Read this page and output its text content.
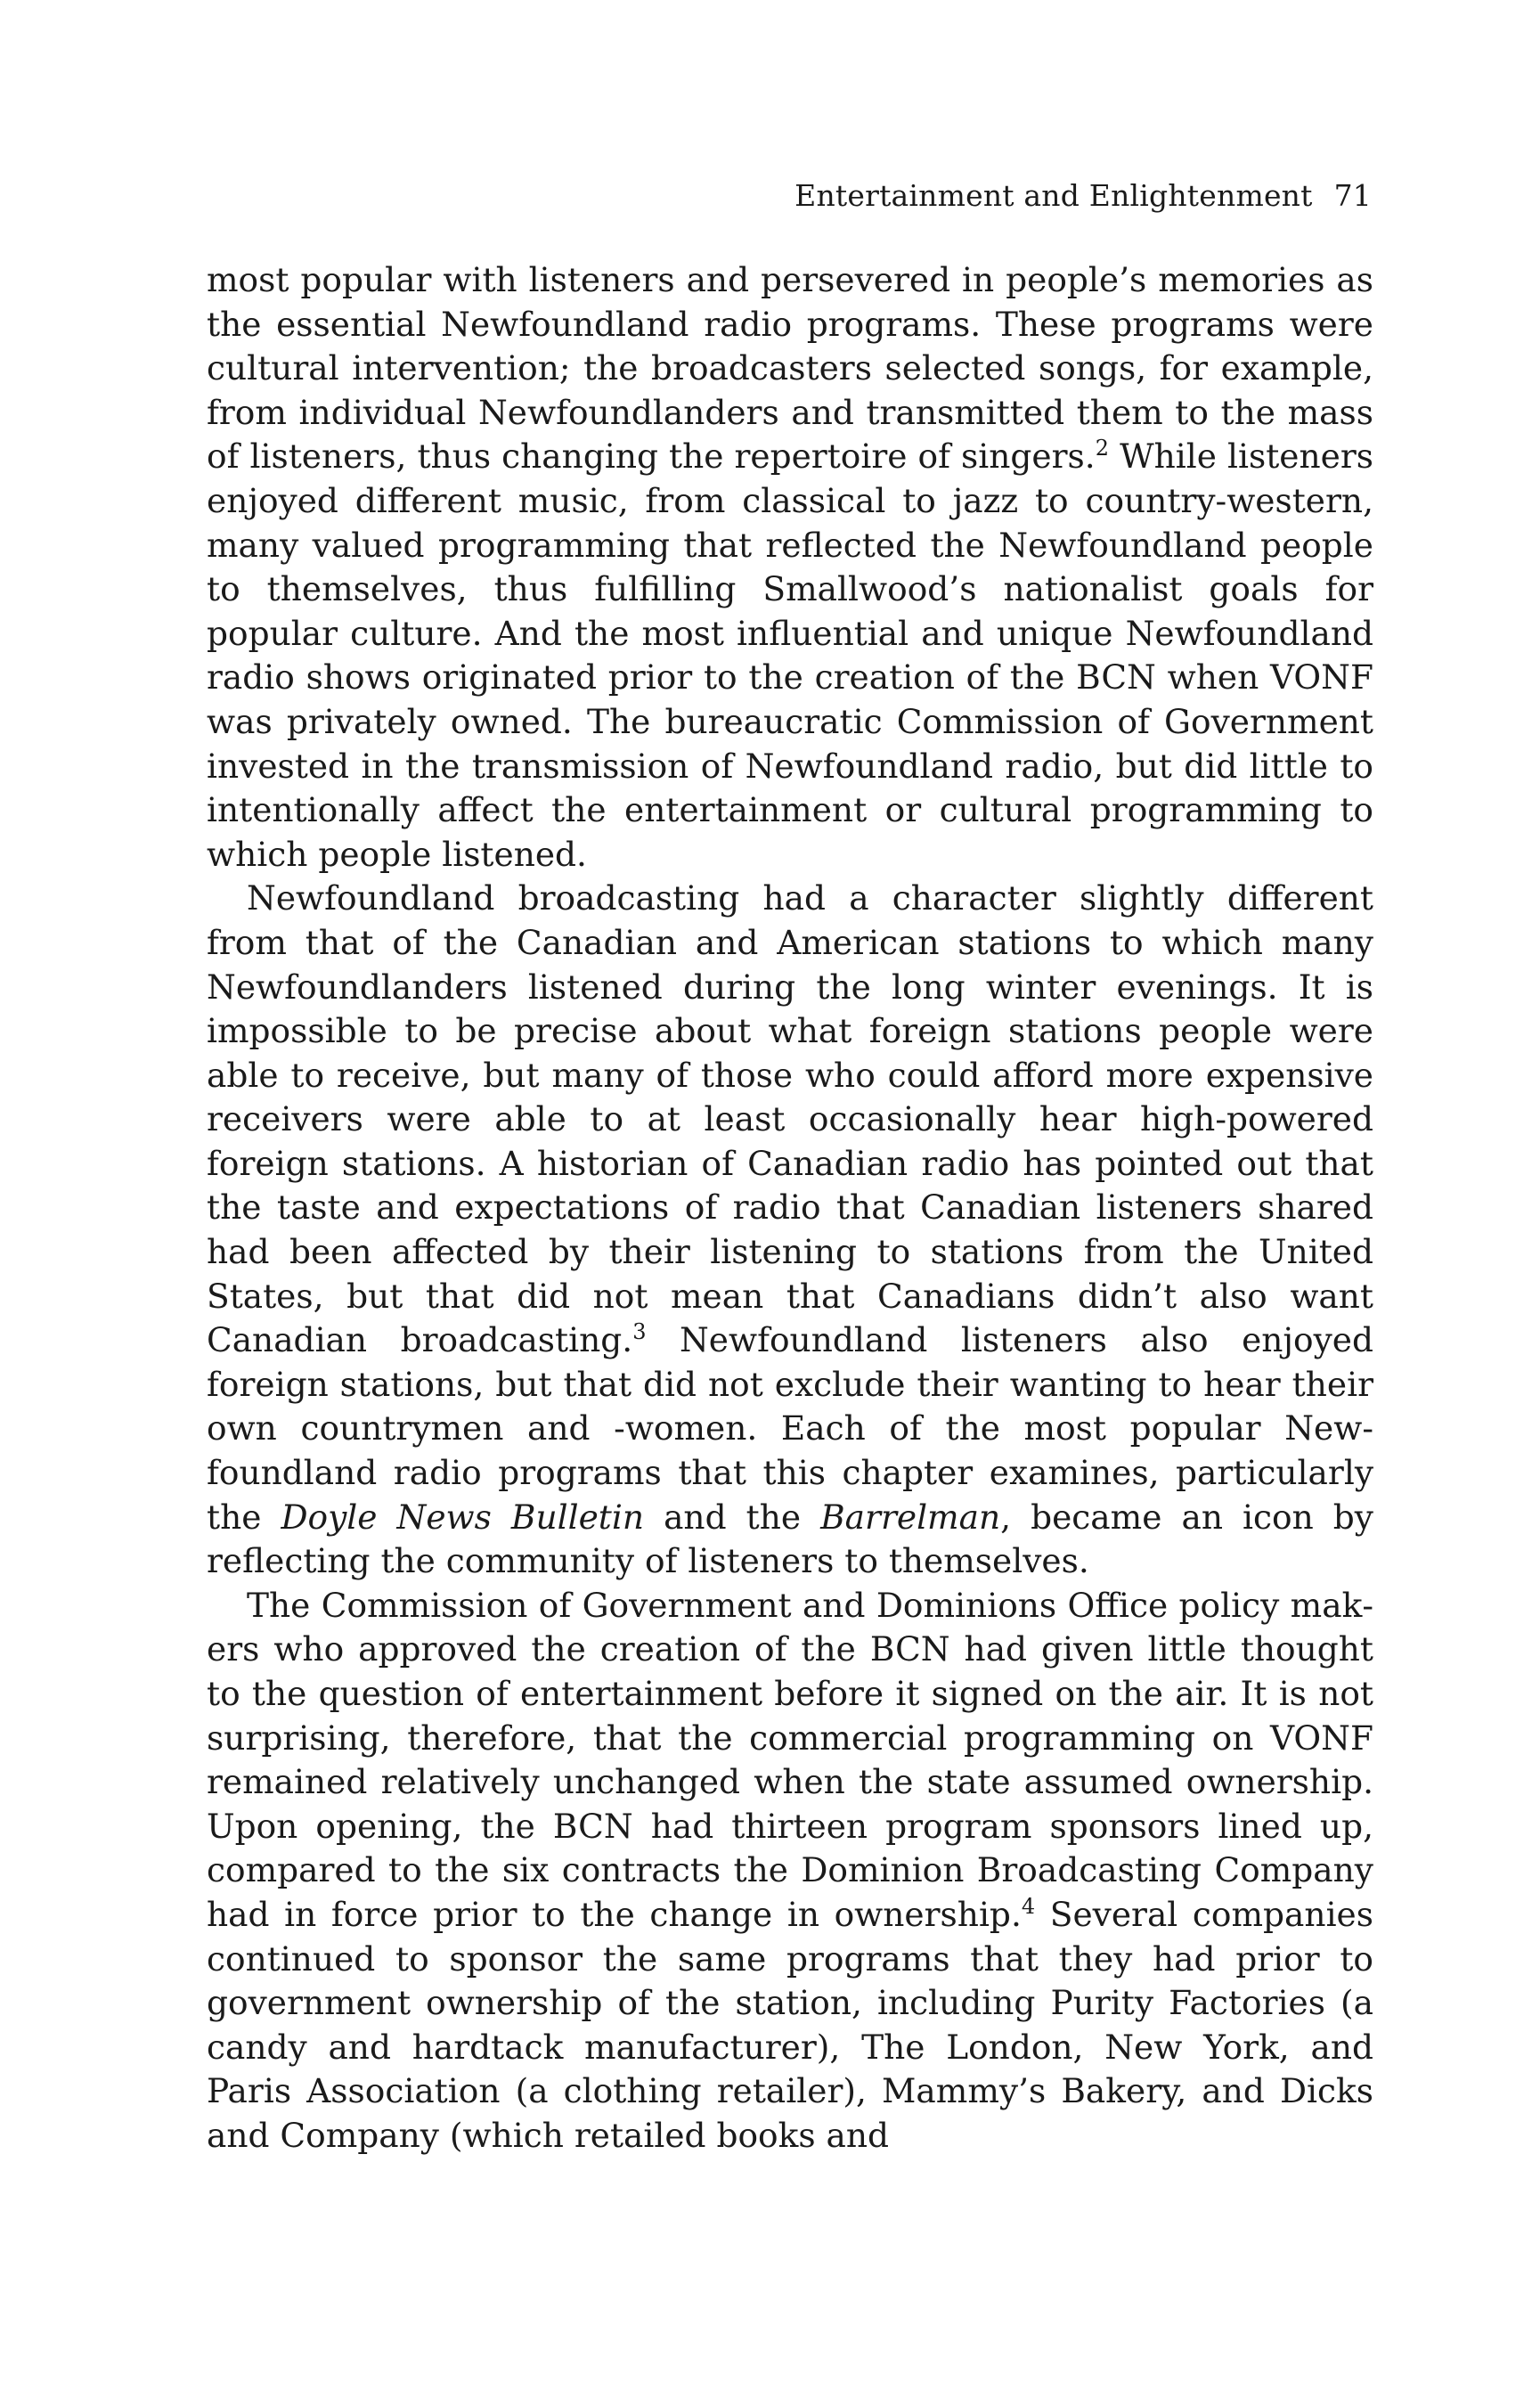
Entertainment and Enlightenment 71

most popular with listeners and persevered in people’s memories as the essential Newfoundland radio programs. These programs were cultural intervention; the broadcasters selected songs, for example, from individual Newfoundlanders and transmitted them to the mass of listeners, thus changing the repertoire of singers.$^2$ While listeners enjoyed different music, from classical to jazz to country-western, many valued programming that reflected the Newfoundland people to themselves, thus fulfilling Smallwood’s nationalist goals for popular culture. And the most influential and unique Newfoundland radio shows originated prior to the creation of the BCN when VONF was privately owned. The bureaucratic Commission of Government invested in the transmission of Newfoundland radio, but did little to intentionally affect the entertainment or cultural programming to which people listened.

Newfoundland broadcasting had a character slightly different from that of the Canadian and American stations to which many Newfoundlanders listened during the long winter evenings. It is impossible to be precise about what foreign stations people were able to receive, but many of those who could afford more expensive receivers were able to at least occasionally hear high-powered foreign stations. A historian of Canadian radio has pointed out that the taste and expectations of radio that Canadian listeners shared had been affected by their listening to stations from the United States, but that did not mean that Canadians didn’t also want Canadian broadcasting.$^3$ Newfoundland listeners also enjoyed foreign stations, but that did not exclude their wanting to hear their own countrymen and -women. Each of the most popular Newfoundland radio programs that this chapter examines, particularly the Doyle News Bulletin and the Barrelman, became an icon by reflecting the community of listeners to themselves.

The Commission of Government and Dominions Office policy makers who approved the creation of the BCN had given little thought to the question of entertainment before it signed on the air. It is not surprising, therefore, that the commercial programming on VONF remained relatively unchanged when the state assumed ownership. Upon opening, the BCN had thirteen program sponsors lined up, compared to the six contracts the Dominion Broadcasting Company had in force prior to the change in ownership.$^4$ Several companies continued to sponsor the same programs that they had prior to government ownership of the station, including Purity Factories (a candy and hardtack manufacturer), The London, New York, and Paris Association (a clothing retailer), Mammy’s Bakery, and Dicks and Company (which retailed books and
